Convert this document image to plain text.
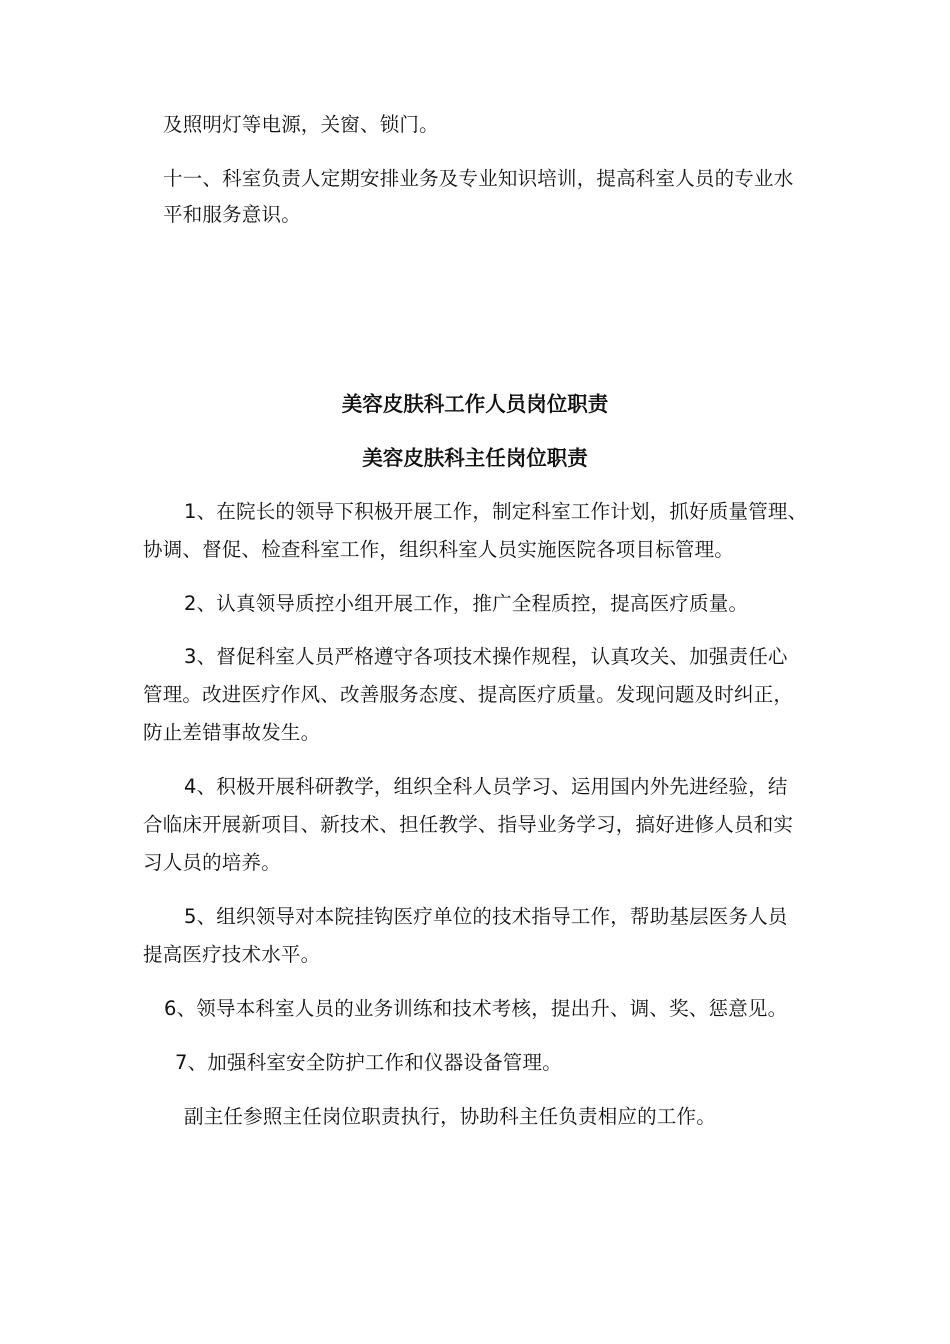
及照明灯等电源，关窗、锁门。

十一、科室负责人定期安排业务及专业知识培训，提高科室人员的专业水

平和服务意识。

美容皮肤科工作人员岗位职责
美容皮肤科主任岗位职责

1、在院长的领导下积极开展工作，制定科室工作计划，抓好质量管理、

协调、督促、检查科室工作，组织科室人员实施医院各项目标管理。

2、认真领导质控小组开展工作，推广全程质控，提高医疗质量。

3、督促科室人员严格遵守各项技术操作规程，认真攻关、加强责任心

管理。改进医疗作风、改善服务态度、提高医疗质量。发现问题及时纠正，

防止差错事故发生。

4、积极开展科研教学，组织全科人员学习、运用国内外先进经验，结

合临床开展新项目、新技术、担任教学、指导业务学习，搞好进修人员和实

习人员的培养。

5、组织领导对本院挂钩医疗单位的技术指导工作，帮助基层医务人员

提高医疗技术水平。

6、领导本科室人员的业务训练和技术考核，提出升、调、奖、惩意见。

7、加强科室安全防护工作和仪器设备管理。

副主任参照主任岗位职责执行，协助科主任负责相应的工作。
